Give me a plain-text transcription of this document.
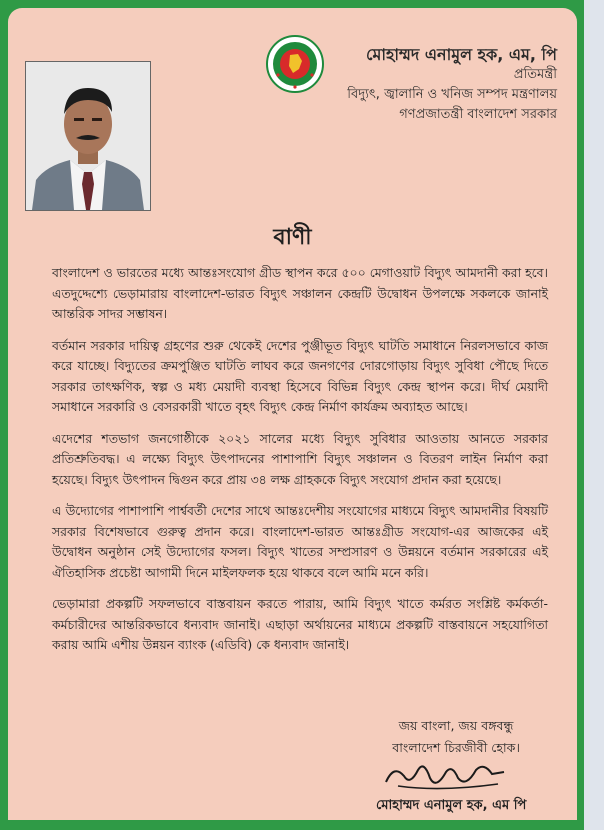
মোহাম্মদ এনামুল হক, এম, পি
প্রতিমন্ত্রী
বিদ্যুৎ, জ্বালানি ও খনিজ সম্পদ মন্ত্রণালয়
গণপ্রজাতন্ত্রী বাংলাদেশ সরকার
বাণী

বাংলাদেশ ও ভারতের মধ্যে আন্তঃসংযোগ গ্রীড স্থাপন করে ৫০০ মেগাওয়াট বিদ্যুৎ আমদানী করা হবে। এতদুদ্দেশ্যে ভেড়ামারায় বাংলাদেশ-ভারত বিদ্যুৎ সঞ্চালন কেন্দ্রটি উদ্বোধন উপলক্ষে সকলকে জানাই আন্তরিক সাদর সম্ভাষন।

বর্তমান সরকার দায়িত্ব গ্রহণের শুরু থেকেই দেশের পুঞ্জীভূত বিদ্যুৎ ঘাটতি সমাধানে নিরলসভাবে কাজ করে যাচ্ছে। বিদ্যুতের ক্রমপুঞ্জিত ঘাটতি লাঘব করে জনগণের দোরগোড়ায় বিদ্যুৎ সুবিধা পৌছে দিতে সরকার তাৎক্ষণিক, স্বল্প ও মধ্য মেয়াদী ব্যবস্থা হিসেবে বিভিন্ন বিদ্যুৎ কেন্দ্র স্থাপন করে। দীর্ঘ মেয়াদী সমাধানে সরকারি ও বেসরকারী খাতে বৃহৎ বিদ্যুৎ কেন্দ্র নির্মাণ কার্যক্রম অব্যাহত আছে।

এদেশের শতভাগ জনগোষ্ঠীকে ২০২১ সালের মধ্যে বিদ্যুৎ সুবিধার আওতায় আনতে সরকার প্রতিশ্রুতিবদ্ধ। এ লক্ষ্যে বিদ্যুৎ উৎপাদনের পাশাপাশি বিদ্যুৎ সঞ্চালন ও বিতরণ লাইন নির্মাণ করা হয়েছে। বিদ্যুৎ উৎপাদন দ্বিগুন করে প্রায় ৩৪ লক্ষ গ্রাহককে বিদ্যুৎ সংযোগ প্রদান করা হয়েছে।

এ উদ্যোগের পাশাপাশি পার্শ্ববর্তী দেশের সাথে আন্তঃদেশীয় সংযোগের মাধ্যমে বিদ্যুৎ আমদানীর বিষয়টি সরকার বিশেষভাবে গুরুত্ব প্রদান করে। বাংলাদেশ-ভারত আন্তঃগ্রীড সংযোগ-এর আজকের এই উদ্বোধন অনুষ্ঠান সেই উদ্যোগের ফসল। বিদ্যুৎ খাতের সম্প্রসারণ ও উন্নয়নে বর্তমান সরকারের এই ঐতিহাসিক প্রচেষ্টা আগামী দিনে মাইলফলক হয়ে থাকবে বলে আমি মনে করি।

ভেড়ামারা প্রকল্পটি সফলভাবে বাস্তবায়ন করতে পারায়, আমি বিদ্যুৎ খাতে কর্মরত সংশ্লিষ্ট কর্মকর্তা-কর্মচারীদের আন্তরিকভাবে ধন্যবাদ জানাই। এছাড়া অর্থায়নের মাধ্যমে প্রকল্পটি বাস্তবায়নে সহযোগিতা করায় আমি এশীয় উন্নয়ন ব্যাংক (এডিবি) কে ধন্যবাদ জানাই।

জয় বাংলা, জয় বঙ্গবন্ধু
বাংলাদেশ চিরজীবী হোক।
মোহাম্মদ এনামুল হক, এম পি
